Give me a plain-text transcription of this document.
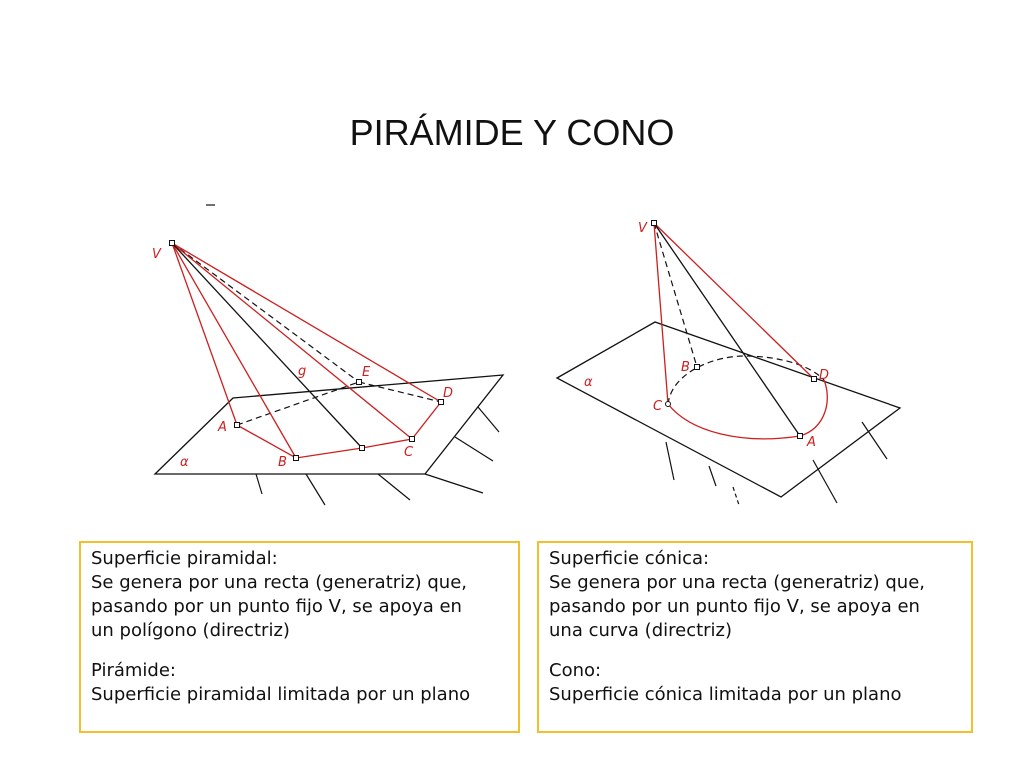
PIRÁMIDE Y CONO
V
g	E
D
A
C
B
α
V
B
D
C
A
α

Superficie piramidal:

Se genera por una recta (generatriz) que,

pasando por un punto fijo V, se apoya en

un polígono (directriz)

Pirámide:

Superficie piramidal limitada por un plano

Superficie cónica:

Se genera por una recta (generatriz) que,

pasando por un punto fijo V, se apoya en

una curva (directriz)

Cono:

Superficie cónica limitada por un plano
